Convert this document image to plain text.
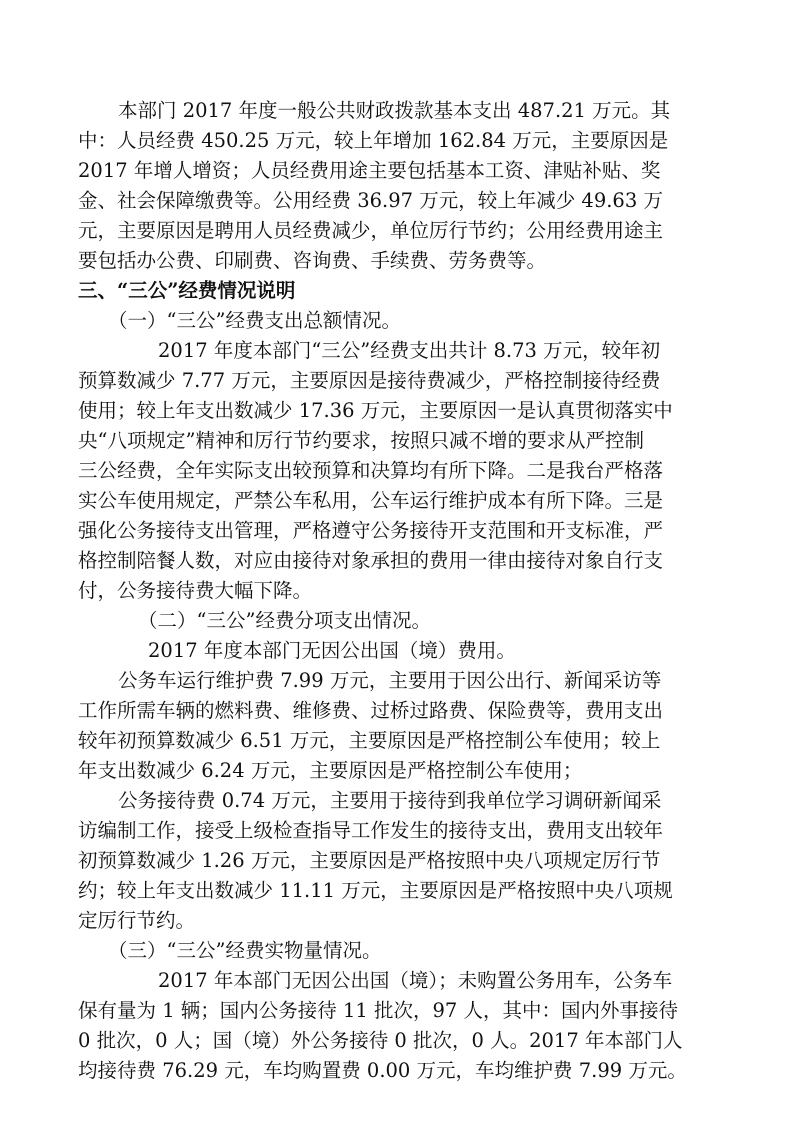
本部门 2017 年度一般公共财政拨款基本支出 487.21 万元。其
中：人员经费 450.25 万元，较上年增加 162.84 万元，主要原因是
2017 年增人增资；人员经费用途主要包括基本工资、津贴补贴、奖
金、社会保障缴费等。公用经费 36.97 万元，较上年减少 49.63 万
元，主要原因是聘用人员经费减少，单位厉行节约；公用经费用途主
要包括办公费、印刷费、咨询费、手续费、劳务费等。
三、“三公”经费情况说明
（一）“三公”经费支出总额情况。
2017 年度本部门“三公”经费支出共计 8.73 万元，较年初
预算数减少 7.77 万元，主要原因是接待费减少，严格控制接待经费
使用；较上年支出数减少 17.36 万元，主要原因一是认真贯彻落实中
央“八项规定”精神和厉行节约要求，按照只减不增的要求从严控制
三公经费，全年实际支出较预算和决算均有所下降。二是我台严格落
实公车使用规定，严禁公车私用，公车运行维护成本有所下降。三是
强化公务接待支出管理，严格遵守公务接待开支范围和开支标准，严
格控制陪餐人数，对应由接待对象承担的费用一律由接待对象自行支
付，公务接待费大幅下降。
（二）“三公”经费分项支出情况。
2017 年度本部门无因公出国（境）费用。
公务车运行维护费 7.99 万元，主要用于因公出行、新闻采访等
工作所需车辆的燃料费、维修费、过桥过路费、保险费等，费用支出
较年初预算数减少 6.51 万元，主要原因是严格控制公车使用；较上
年支出数减少 6.24 万元，主要原因是严格控制公车使用；
公务接待费 0.74 万元，主要用于接待到我单位学习调研新闻采
访编制工作，接受上级检查指导工作发生的接待支出，费用支出较年
初预算数减少 1.26 万元，主要原因是严格按照中央八项规定厉行节
约；较上年支出数减少 11.11 万元，主要原因是严格按照中央八项规
定厉行节约。
（三）“三公”经费实物量情况。
2017 年本部门无因公出国（境）；未购置公务用车，公务车
保有量为 1 辆；国内公务接待 11 批次，97 人，其中：国内外事接待
0 批次，0 人；国（境）外公务接待 0 批次，0 人。2017 年本部门人
均接待费 76.29 元，车均购置费 0.00 万元，车均维护费 7.99 万元。
